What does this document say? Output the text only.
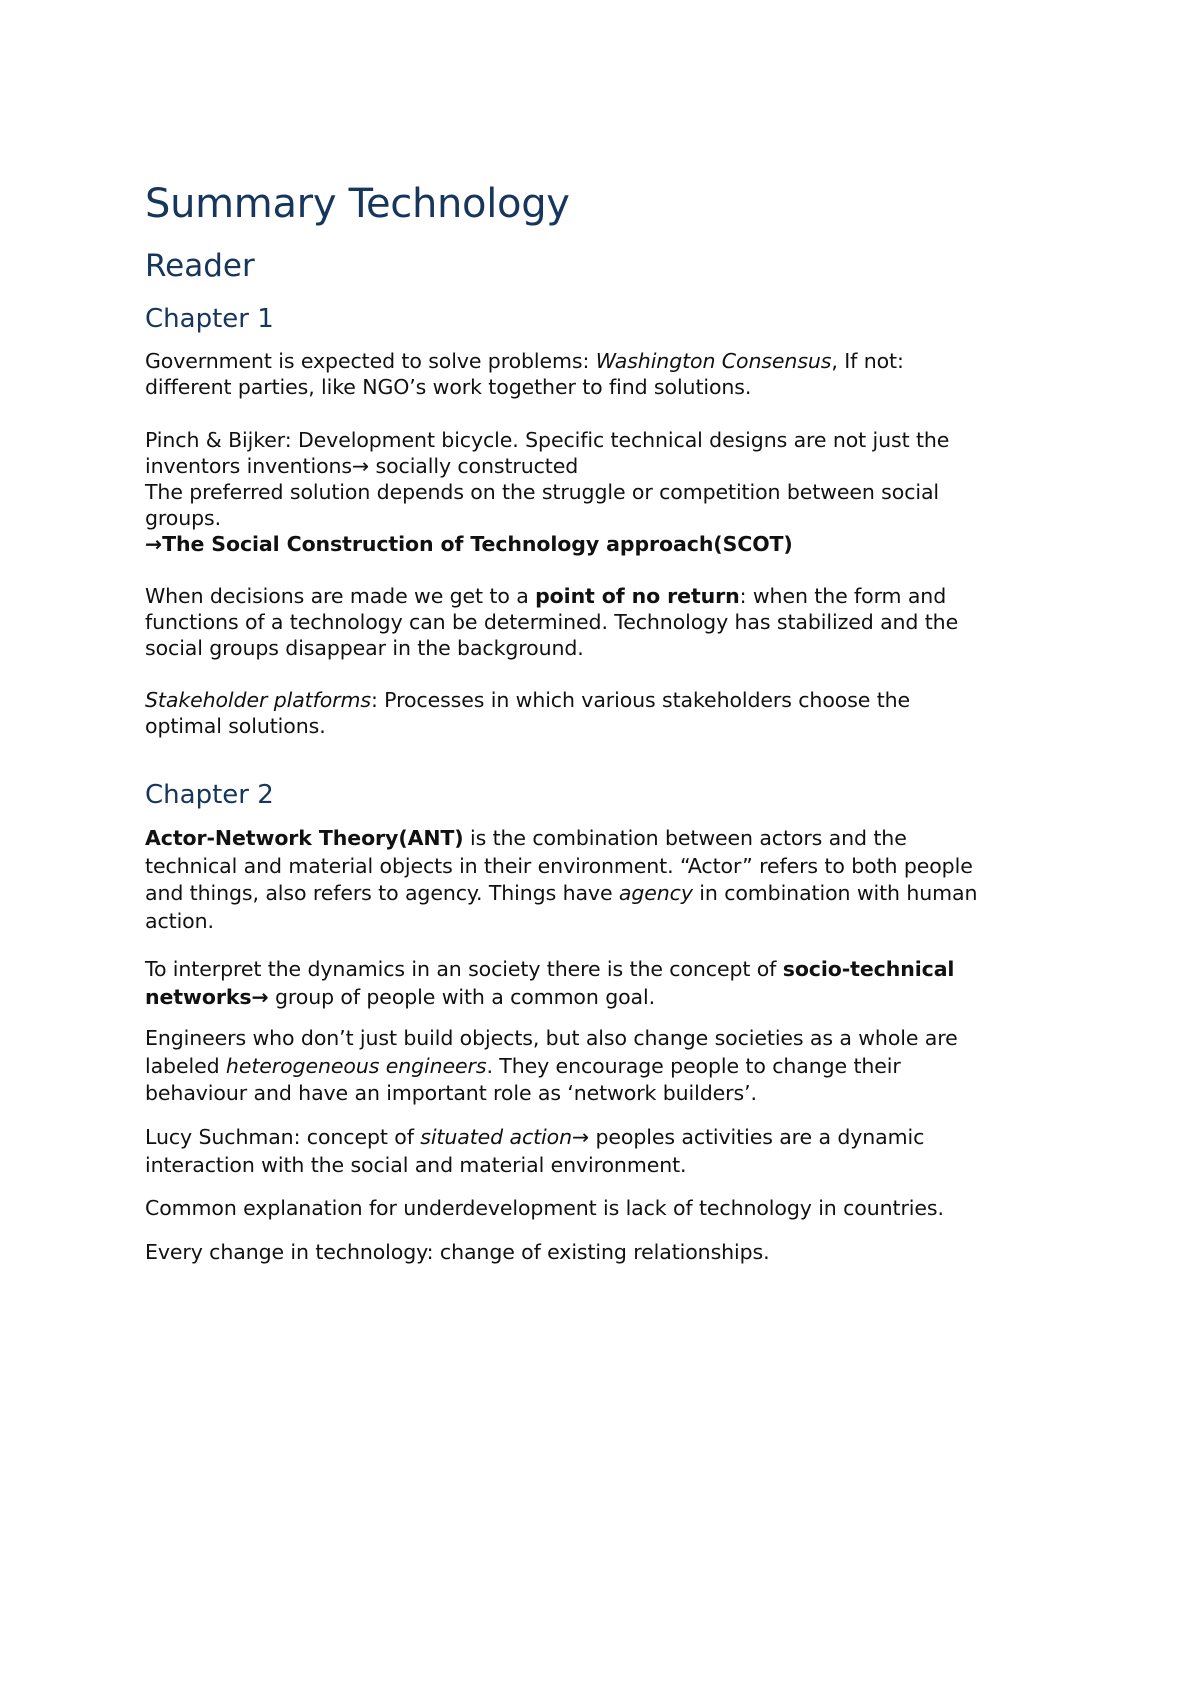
Summary Technology
Reader
Chapter 1

Government is expected to solve problems: Washington Consensus, If not:
different parties, like NGO’s work together to find solutions.

Pinch & Bijker: Development bicycle. Specific technical designs are not just the
inventors inventions→ socially constructed
The preferred solution depends on the struggle or competition between social
groups.
→The Social Construction of Technology approach(SCOT)

When decisions are made we get to a point of no return: when the form and
functions of a technology can be determined. Technology has stabilized and the
social groups disappear in the background.

Stakeholder platforms: Processes in which various stakeholders choose the
optimal solutions.

Chapter 2

Actor-Network Theory(ANT) is the combination between actors and the
technical and material objects in their environment. “Actor” refers to both people
and things, also refers to agency. Things have agency in combination with human
action.

To interpret the dynamics in an society there is the concept of socio-technical
networks→ group of people with a common goal.

Engineers who don’t just build objects, but also change societies as a whole are
labeled heterogeneous engineers. They encourage people to change their
behaviour and have an important role as ‘network builders’.

Lucy Suchman: concept of situated action→ peoples activities are a dynamic
interaction with the social and material environment.

Common explanation for underdevelopment is lack of technology in countries.

Every change in technology: change of existing relationships.
